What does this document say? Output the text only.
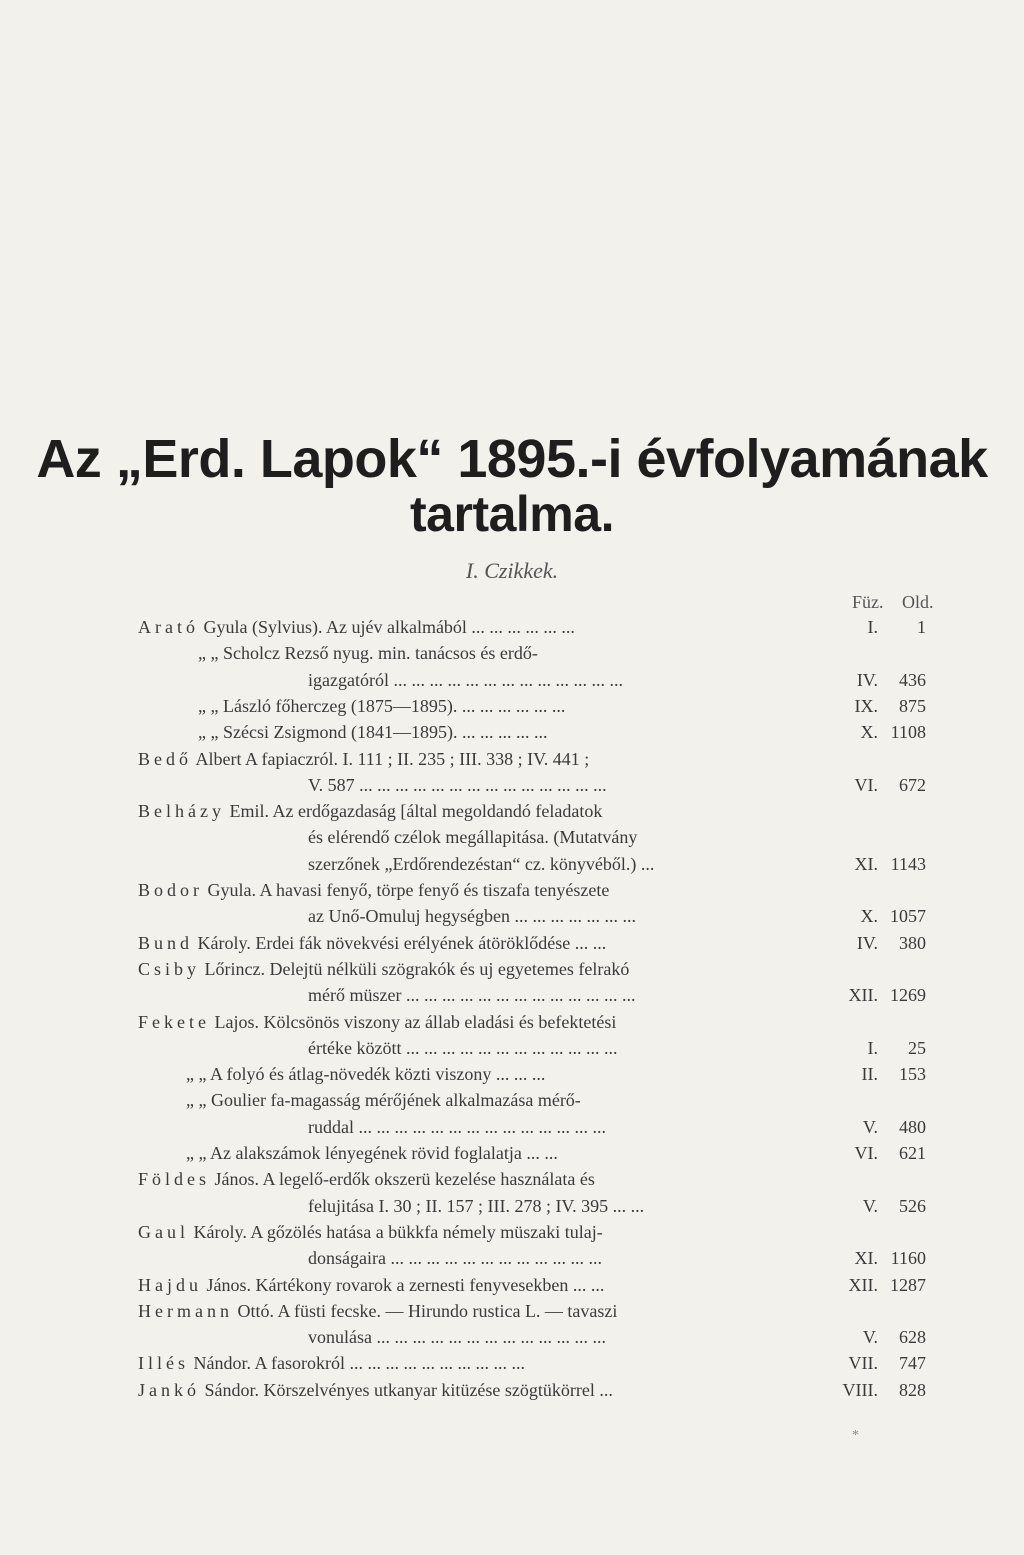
Az „Erd. Lapok“ 1895.-i évfolyamának
tartalma.
I. Czikkek.
Füz. Old.
Arató Gyula (Sylvius). Az ujév alkalmából ... ... ... ... ... ...	I.	1
„ „ Scholcz Rezső nyug. min. tanácsos és erdő-
igazgatóról ... ... ... ... ... ... ... ... ... ... ... ... ...	IV.	436
„ „ László főherczeg (1875—1895). ... ... ... ... ... ...	IX.	875
„ „ Szécsi Zsigmond (1841—1895). ... ... ... ... ...	X. 1108
Bedő Albert A fapiaczról. I. 111 ; II. 235 ; III. 338 ; IV. 441 ;
V. 587 ... ... ... ... ... ... ... ... ... ... ... ... ... ...	VI.	672
Belházy Emil. Az erdőgazdaság [által megoldandó feladatok
és elérendő czélok megállapitása. (Mutatvány
szerzőnek „Erdőrendezéstan“ cz. könyvéből.) ...	XI. 1143
Bodor Gyula. A havasi fenyő, törpe fenyő és tiszafa tenyészete
az Unő-Omuluj hegységben ... ... ... ... ... ... ...	X. 1057
Bund Károly. Erdei fák növekvési erélyének átöröklődése ... ...	IV.	380
Csiby Lőrincz. Delejtü nélküli szögrakók és uj egyetemes felrakó
mérő müszer ... ... ... ... ... ... ... ... ... ... ... ... ...	XII. 1269
Fekete Lajos. Kölcsönös viszony az állab eladási és befektetési
értéke között ... ... ... ... ... ... ... ... ... ... ... ...	I.	25
„ „ A folyó és átlag-növedék közti viszony ... ... ...	II.	153
„ „ Goulier fa-magasság mérőjének alkalmazása mérő-
ruddal ... ... ... ... ... ... ... ... ... ... ... ... ... ...	V.	480
„ „ Az alakszámok lényegének rövid foglalatja ... ...	VI.	621
Földes János. A legelő-erdők okszerü kezelése használata és
felujitása I. 30 ; II. 157 ; III. 278 ; IV. 395 ... ...	V.	526
Gaul Károly. A gőzölés hatása a bükkfa némely müszaki tulaj-
donságaira ... ... ... ... ... ... ... ... ... ... ... ...	XI. 1160
Hajdu János. Kártékony rovarok a zernesti fenyvesekben ... ...	XII. 1287
Hermann Ottó. A füsti fecske. — Hirundo rustica L. — tavaszi
vonulása ... ... ... ... ... ... ... ... ... ... ... ... ...	V.	628
Illés Nándor. A fasorokról ... ... ... ... ... ... ... ... ... ...	VII.	747
Jankó Sándor. Körszelvényes utkanyar kitüzése szögtükörrel ...	VIII.	828
*
